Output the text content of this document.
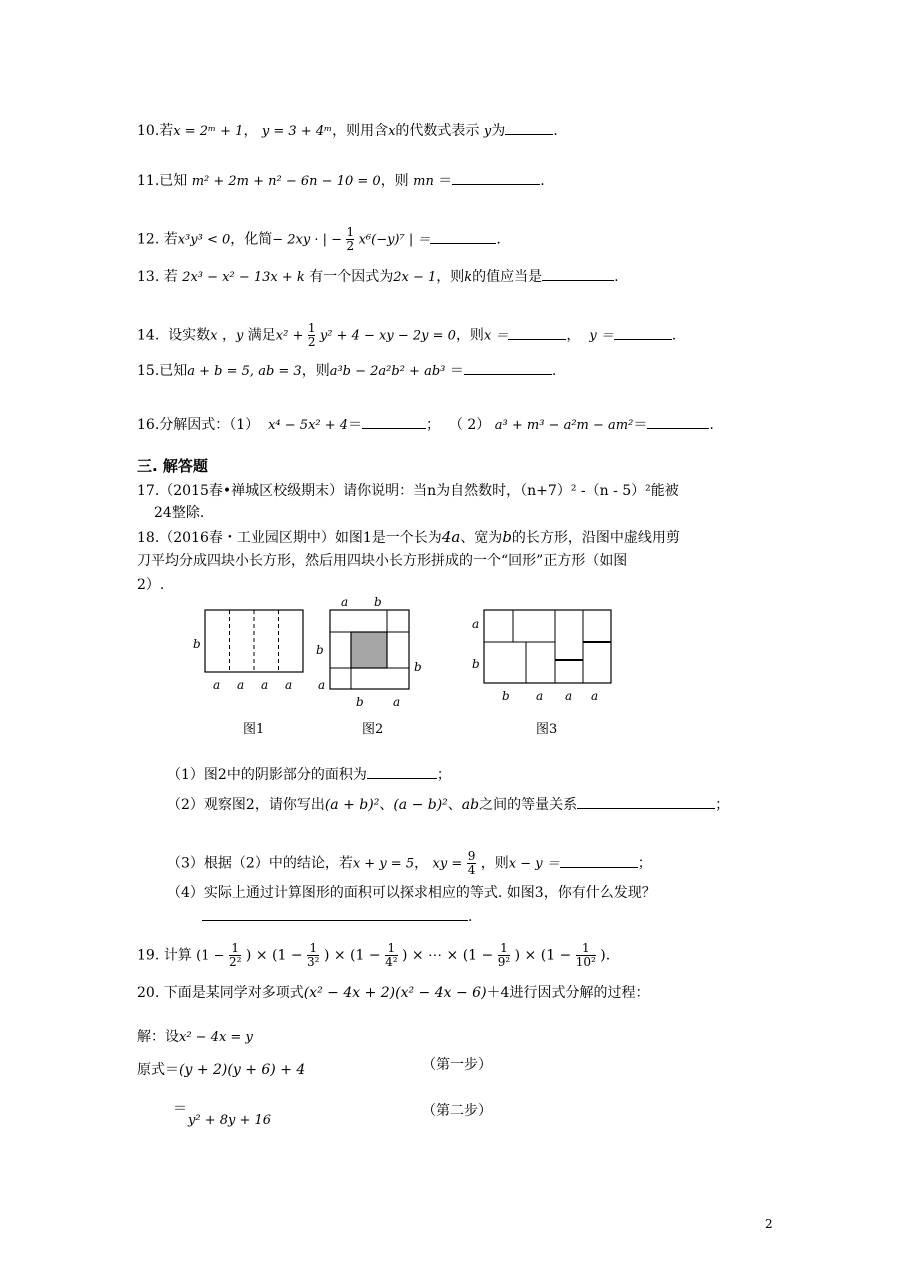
10.若x = 2ᵐ + 1， y = 3 + 4ᵐ，则用含x的代数式表示 y为	.
11.已知 m² + 2m + n² − 6n − 10 = 0，则 mn ＝	.
12. 若x³y³ < 0，化简− 2xy · | − $\frac{1}{2} x^6(-y)^7$ | ＝	.
13. 若 2x³ − x² − 13x + k 有一个因式为2x − 1，则k的值应当是	.
14. 设实数x ，y 满足$x^2 + \frac{1}{2} y^2 + 4$ − xy − 2y = 0，则x ＝	， y ＝	.
15.已知a + b = 5, ab = 3，则a³b − 2a²b² + ab³ ＝	.
16.分解因式：（1） x⁴ − 5x² + 4＝	； （ 2） a³ + m³ − a²m − am²＝	.
三. 解答题
17.（2015春•禅城区校级期末）请你说明：当n为自然数时，（n+7）² -（n - 5）²能被
24整除.
18.（2016春・工业园区期中）如图1是一个长为4a、宽为b的长方形，沿图中虚线用剪
刀平均分成四块小长方形，然后用四块小长方形拼成的一个“回形”正方形（如图
2）.
b
a a a a
a b
b
a
b
b a
a
b
b a a a
图1	图2	图3
（1）图2中的阴影部分的面积为	；
（2）观察图2，请你写出(a + b)²、(a − b)²、ab之间的等量关系	；
（3）根据（2）中的结论，若x + y = 5， xy = $\frac{9}{4}$ ，则x − y ＝	；
（4）实际上通过计算图形的面积可以探求相应的等式. 如图3，你有什么发现？
.
19. 计算 ($1 - \frac{1}{\text{2²}}$ ) × ($1 - \frac{1}{\text{3²}}$ ) × ($1 - \frac{1}{\text{4²}}$ ) × ⋯ × ($1 - \frac{1}{\text{9²}}$ ) × ($1 - \frac{1}{\text{10²}}$ ).
20. 下面是某同学对多项式(x² − 4x + 2)(x² − 4x − 6)＋4进行因式分解的过程：
解：设x² − 4x = y
原式＝(y + 2)(y + 6) + 4	（第一步）
＝
y² + 8y + 16
（第二步）
2
